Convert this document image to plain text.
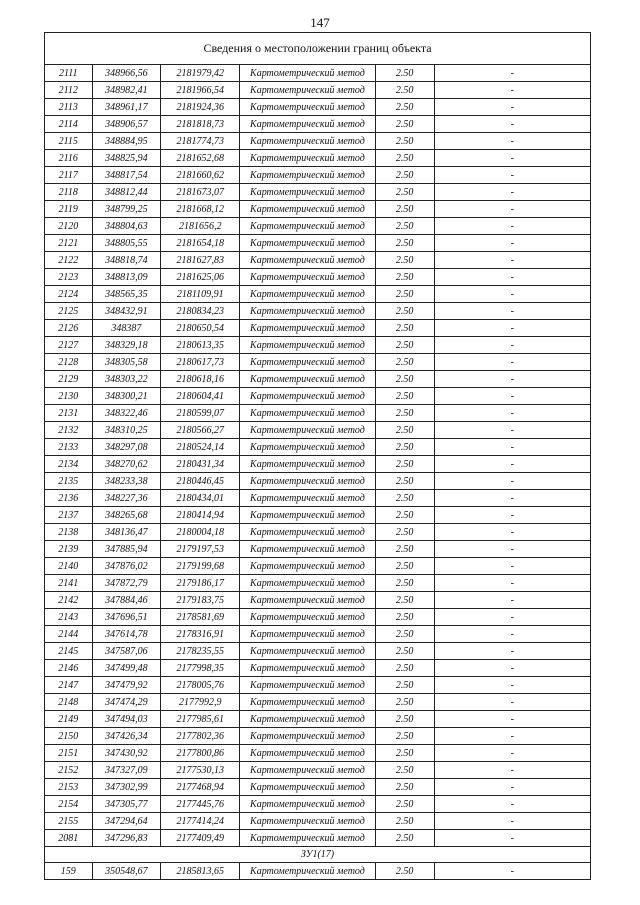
147
Сведения о местоположении границ объекта					
2111	348966,56	2181979,42	Картометрический метод	2.50	-
2112	348982,41	2181966,54	Картометрический метод	2.50	-
2113	348961,17	2181924,36	Картометрический метод	2.50	-
2114	348906,57	2181818,73	Картометрический метод	2.50	-
2115	348884,95	2181774,73	Картометрический метод	2.50	-
2116	348825,94	2181652,68	Картометрический метод	2.50	-
2117	348817,54	2181660,62	Картометрический метод	2.50	-
2118	348812,44	2181673,07	Картометрический метод	2.50	-
2119	348799,25	2181668,12	Картометрический метод	2.50	-
2120	348804,63	2181656,2	Картометрический метод	2.50	-
2121	348805,55	2181654,18	Картометрический метод	2.50	-
2122	348818,74	2181627,83	Картометрический метод	2.50	-
2123	348813,09	2181625,06	Картометрический метод	2.50	-
2124	348565,35	2181109,91	Картометрический метод	2.50	-
2125	348432,91	2180834,23	Картометрический метод	2.50	-
2126	348387	2180650,54	Картометрический метод	2.50	-
2127	348329,18	2180613,35	Картометрический метод	2.50	-
2128	348305,58	2180617,73	Картометрический метод	2.50	-
2129	348303,22	2180618,16	Картометрический метод	2.50	-
2130	348300,21	2180604,41	Картометрический метод	2.50	-
2131	348322,46	2180599,07	Картометрический метод	2.50	-
2132	348310,25	2180566,27	Картометрический метод	2.50	-
2133	348297,08	2180524,14	Картометрический метод	2.50	-
2134	348270,62	2180431,34	Картометрический метод	2.50	-
2135	348233,38	2180446,45	Картометрический метод	2.50	-
2136	348227,36	2180434,01	Картометрический метод	2.50	-
2137	348265,68	2180414,94	Картометрический метод	2.50	-
2138	348136,47	2180004,18	Картометрический метод	2.50	-
2139	347885,94	2179197,53	Картометрический метод	2.50	-
2140	347876,02	2179199,68	Картометрический метод	2.50	-
2141	347872,79	2179186,17	Картометрический метод	2.50	-
2142	347884,46	2179183,75	Картометрический метод	2.50	-
2143	347696,51	2178581,69	Картометрический метод	2.50	-
2144	347614,78	2178316,91	Картометрический метод	2.50	-
2145	347587,06	2178235,55	Картометрический метод	2.50	-
2146	347499,48	2177998,35	Картометрический метод	2.50	-
2147	347479,92	2178005,76	Картометрический метод	2.50	-
2148	347474,29	2177992,9	Картометрический метод	2.50	-
2149	347494,03	2177985,61	Картометрический метод	2.50	-
2150	347426,34	2177802,36	Картометрический метод	2.50	-
2151	347430,92	2177800,86	Картометрический метод	2.50	-
2152	347327,09	2177530,13	Картометрический метод	2.50	-
2153	347302,99	2177468,94	Картометрический метод	2.50	-
2154	347305,77	2177445,76	Картометрический метод	2.50	-
2155	347294,64	2177414,24	Картометрический метод	2.50	-
2081	347296,83	2177409,49	Картометрический метод	2.50	-
ЗУ1(17)					
159	350548,67	2185813,65	Картометрический метод	2.50	-
